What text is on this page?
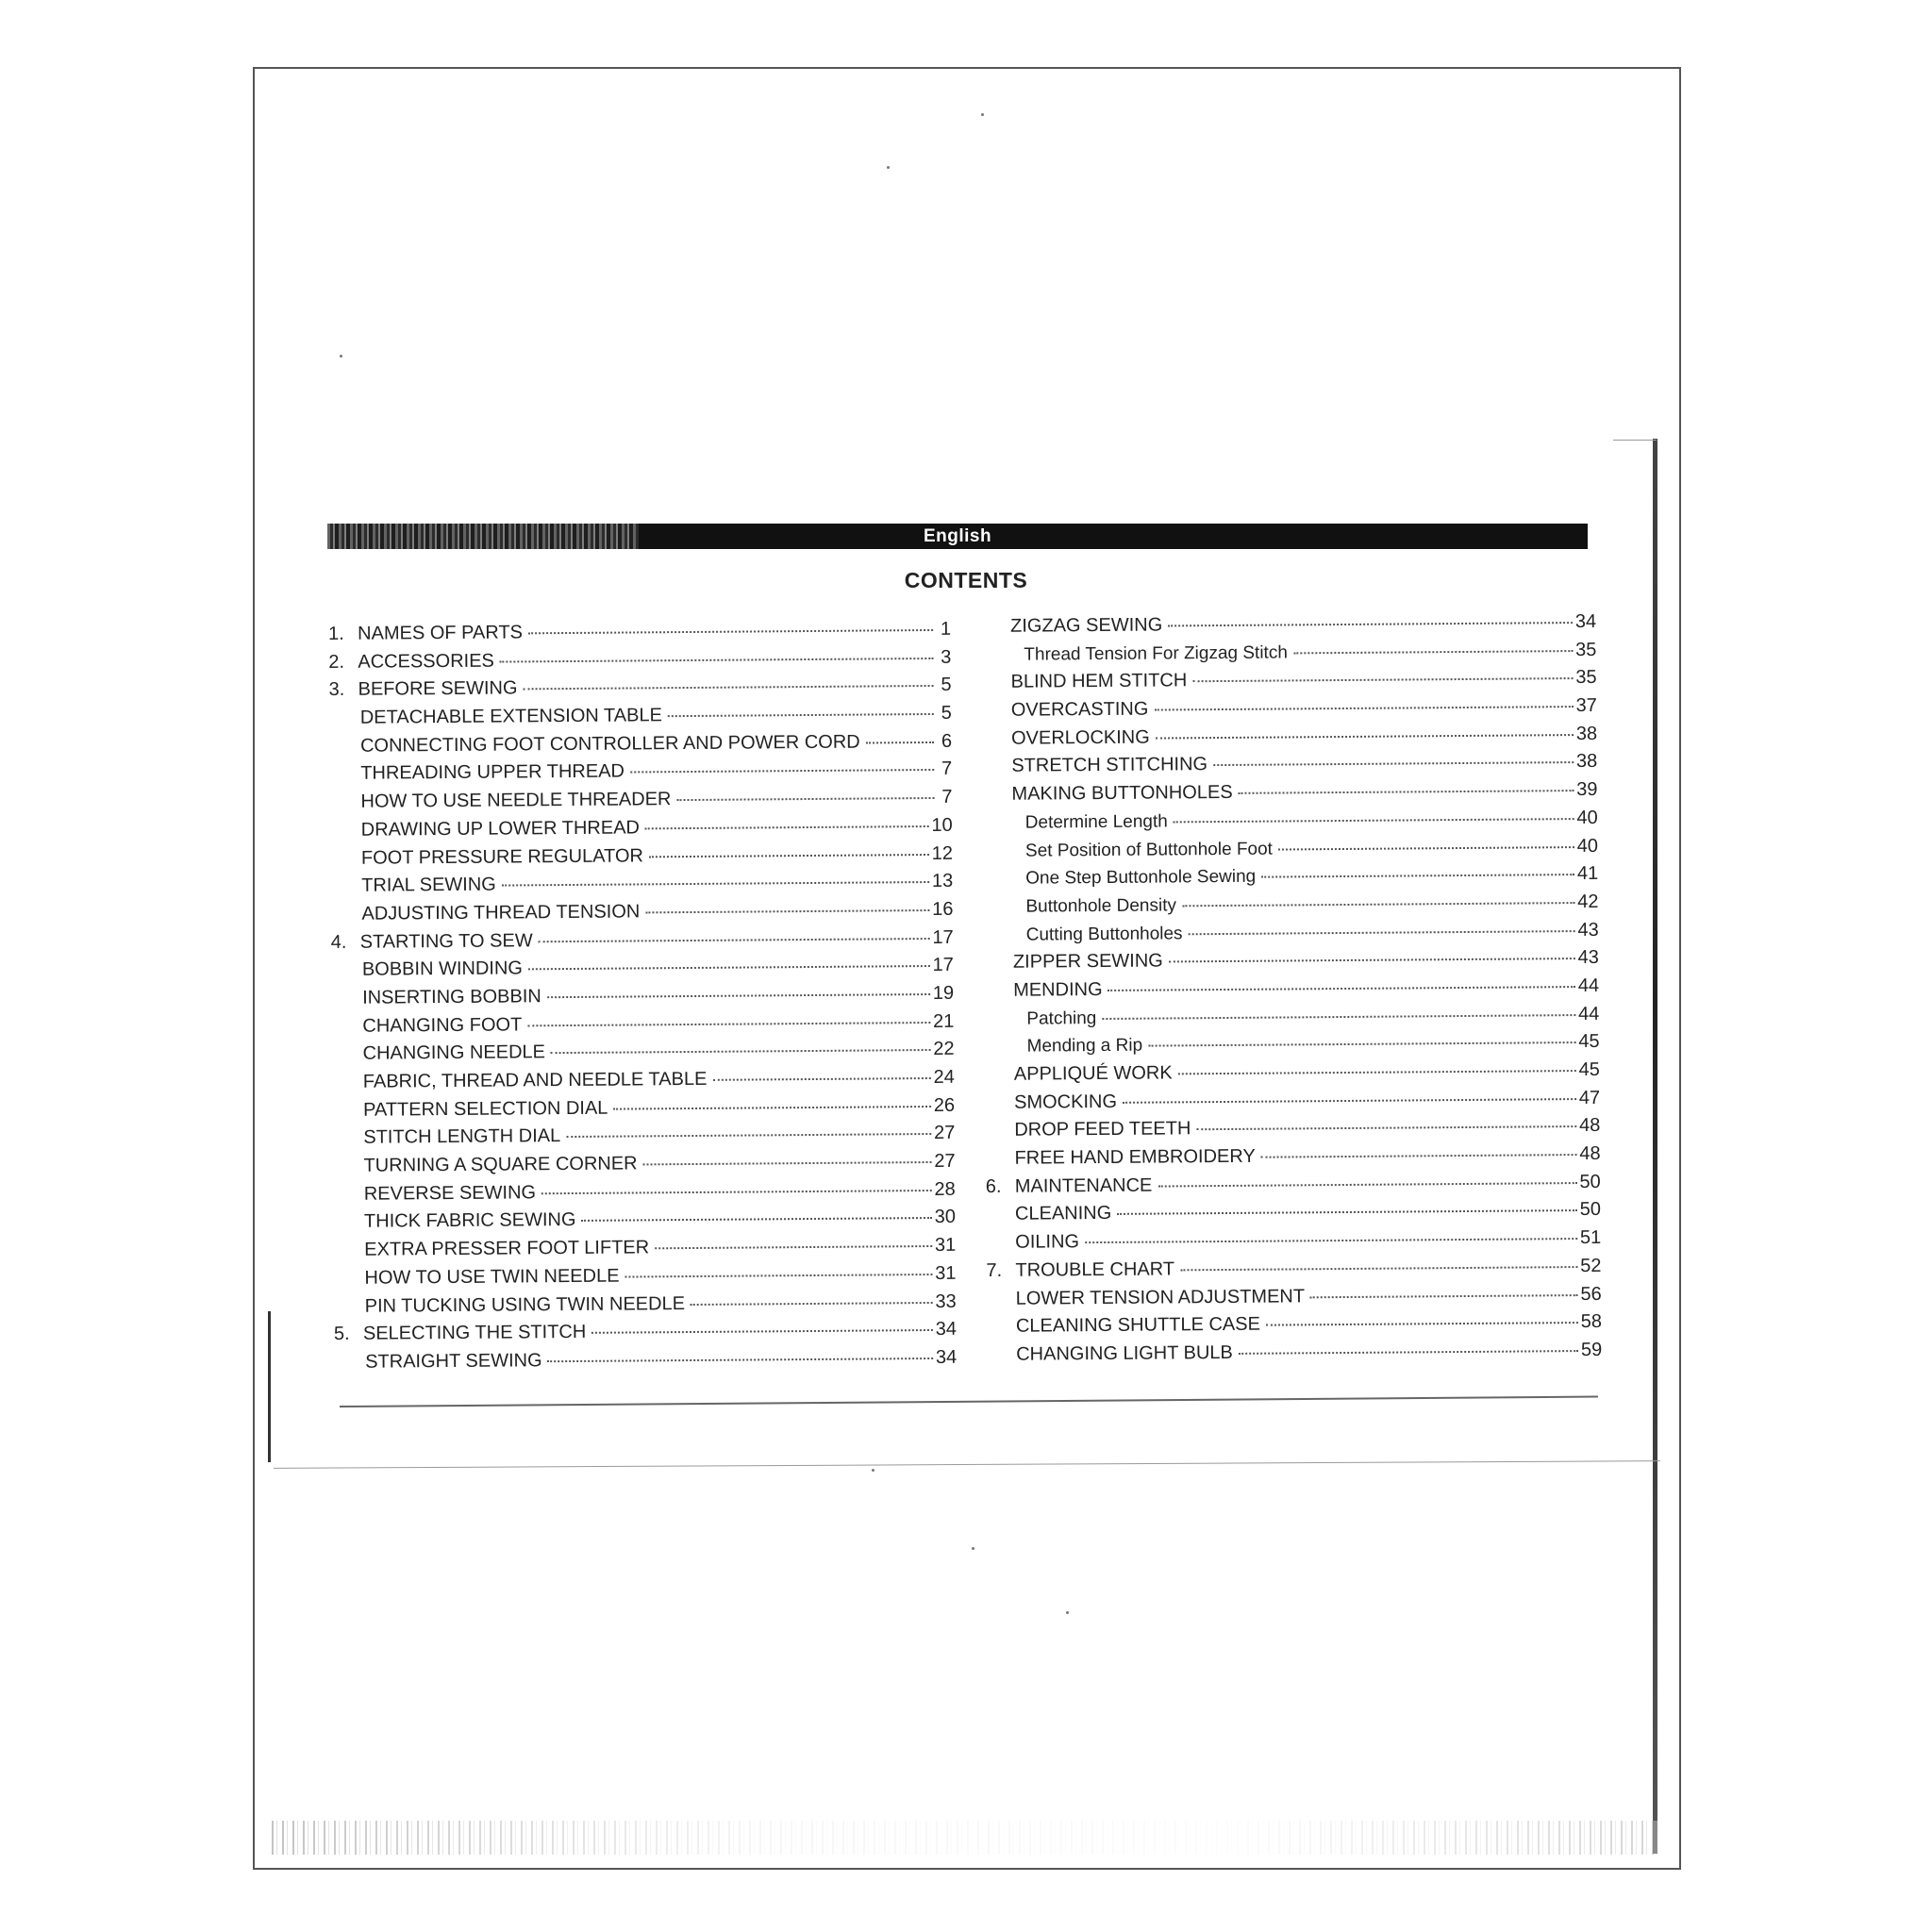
English
CONTENTS
1. NAMES OF PARTS	1
2. ACCESSORIES	3
3. BEFORE SEWING	5
DETACHABLE EXTENSION TABLE	5
CONNECTING FOOT CONTROLLER AND POWER CORD	6
THREADING UPPER THREAD	7
HOW TO USE NEEDLE THREADER	7
DRAWING UP LOWER THREAD	10
FOOT PRESSURE REGULATOR	12
TRIAL SEWING	13
ADJUSTING THREAD TENSION	16
4. STARTING TO SEW	17
BOBBIN WINDING	17
INSERTING BOBBIN	19
CHANGING FOOT	21
CHANGING NEEDLE	22
FABRIC, THREAD AND NEEDLE TABLE	24
PATTERN SELECTION DIAL	26
STITCH LENGTH DIAL	27
TURNING A SQUARE CORNER	27
REVERSE SEWING	28
THICK FABRIC SEWING	30
EXTRA PRESSER FOOT LIFTER	31
HOW TO USE TWIN NEEDLE	31
PIN TUCKING USING TWIN NEEDLE	33
5. SELECTING THE STITCH	34
STRAIGHT SEWING	34
ZIGZAG SEWING	34
Thread Tension For Zigzag Stitch	35
BLIND HEM STITCH	35
OVERCASTING	37
OVERLOCKING	38
STRETCH STITCHING	38
MAKING BUTTONHOLES	39
Determine Length	40
Set Position of Buttonhole Foot	40
One Step Buttonhole Sewing	41
Buttonhole Density	42
Cutting Buttonholes	43
ZIPPER SEWING	43
MENDING	44
Patching	44
Mending a Rip	45
APPLIQUÉ WORK	45
SMOCKING	47
DROP FEED TEETH	48
FREE HAND EMBROIDERY	48
6. MAINTENANCE	50
CLEANING	50
OILING	51
7. TROUBLE CHART	52
LOWER TENSION ADJUSTMENT	56
CLEANING SHUTTLE CASE	58
CHANGING LIGHT BULB	59
